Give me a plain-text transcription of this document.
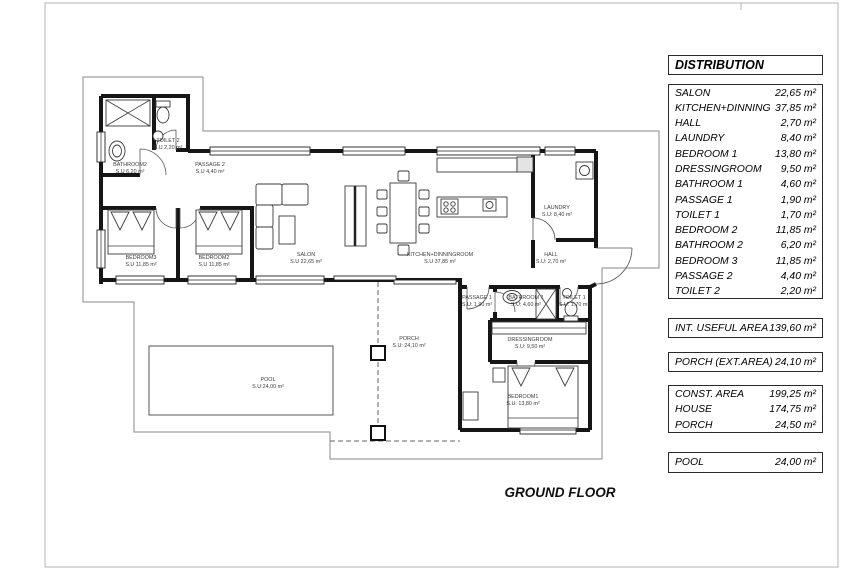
BATHROOM2
S.U 6,20 m²
TOILET 2
S.U 2,20 m²
PASSAGE 2
S.U 4,40 m²
BEDROOM3
S.U 11,85 m²
BEDROOM2
S.U 11,85 m²
SALON
S.U 22,65 m²
KITCHEN+DINNINGROOM
S.U 37,85 m²
LAUNDRY
S.U: 8,40 m²
HALL
S.U: 2,70 m²
PASSAGE 1
S.U: 1,90 m²
BATHROOM 1
S.U: 4,60 m²
TOILET 1
S.U: 1,70 m²
DRESSINGROOM
S.U: 9,50 m²
BEDROOM1
S.U: 13,80 m²
PORCH
S.U: 24,10 m²
POOL
S.U:24,00 m²
GROUND FLOOR
DISTRIBUTION
SALON	22,65 m²
KITCHEN+DINNING 37,85 m²
HALL	2,70 m²
LAUNDRY	8,40 m²
BEDROOM 1	13,80 m²
DRESSINGROOM 9,50 m²
BATHROOM 1	4,60 m²
PASSAGE 1	1,90 m²
TOILET 1	1,70 m²
BEDROOM 2	11,85 m²
BATHROOM 2	6,20 m²
BEDROOM 3	11,85 m²
PASSAGE 2	4,40 m²
TOILET 2	2,20 m²
INT. USEFUL AREA 139,60 m²
PORCH (EXT.AREA) 24,10 m²
CONST. AREA 199,25 m²
HOUSE	174,75 m²
PORCH	24,50 m²
POOL	24,00 m²
